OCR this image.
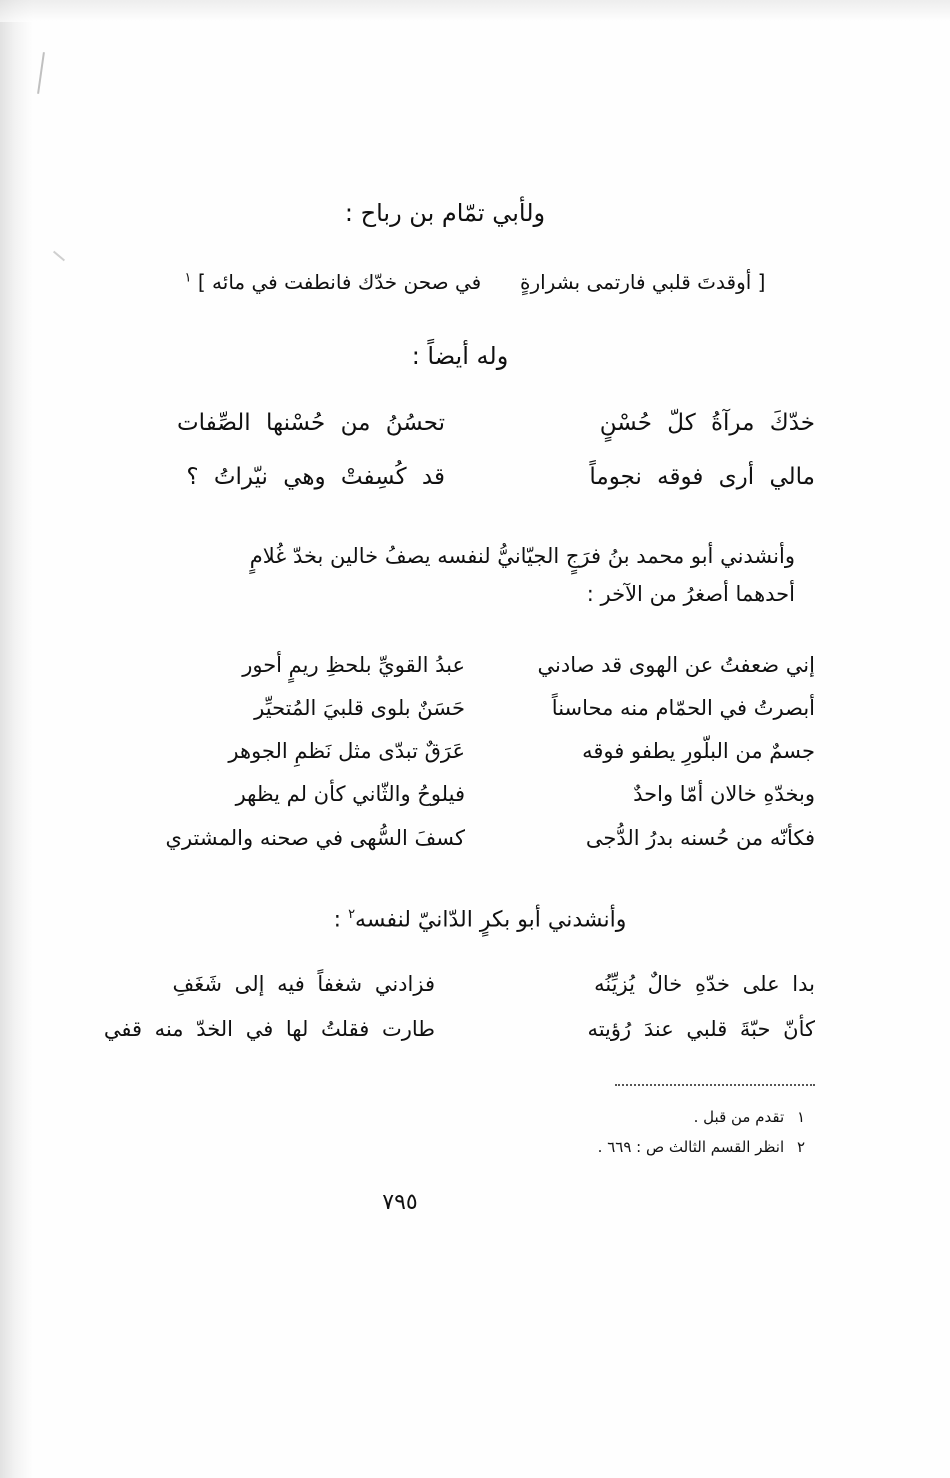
ولأبي تمّام بن رباح :
[ أوقدتَ قلبي فارتمى بشرارةٍ  في صحن خدّك فانطفت في مائه ] $^١$
وله أيضاً :
خدّكَ مرآةُ كلّ حُسْنٍ
تحسُنُ من حُسْنها الصِّفات
مالي أرى فوقه نجوماً
قد كُسِفتْ وهي نيّراتُ ؟
وأنشدني أبو محمد بنُ فرَجٍ الجيّانيُّ لنفسه يصفُ خالين بخدّ غُلامٍ
أحدهما أصغرُ من الآخر :
إني ضعفتُ عن الهوى قد صادني
عبدُ القويِّ بلحظِ ريمٍ أحور
أبصرتُ في الحمّام منه محاسناً
حَسَنٌ بلوى قلبيَ المُتحيِّر
جسمٌ من البلّورِ يطفو فوقه
عَرَقٌ تبدّى مثل نَظمِ الجوهر
وبخدّهِ خالان أمّا واحدٌ
فيلوحُ والثّاني كأن لم يظهر
فكأنّه من حُسنه بدرُ الدُّجى
كسفَ السُّهى في صحنه والمشتري
وأنشدني أبو بكرٍ الدّانيّ لنفسه$^٢$ :
بدا على خدّهِ خالٌ يُزيِّنُه
فزادني شغفاً فيه إلى شَغَفِ
كأنّ حبّةَ قلبي عندَ رُؤيته
طارت فقلتُ لها في الخدّ منه قفي
١ تقدم من قبل .
٢ انظر القسم الثالث ص : ٦٦٩ .
٧٩٥
